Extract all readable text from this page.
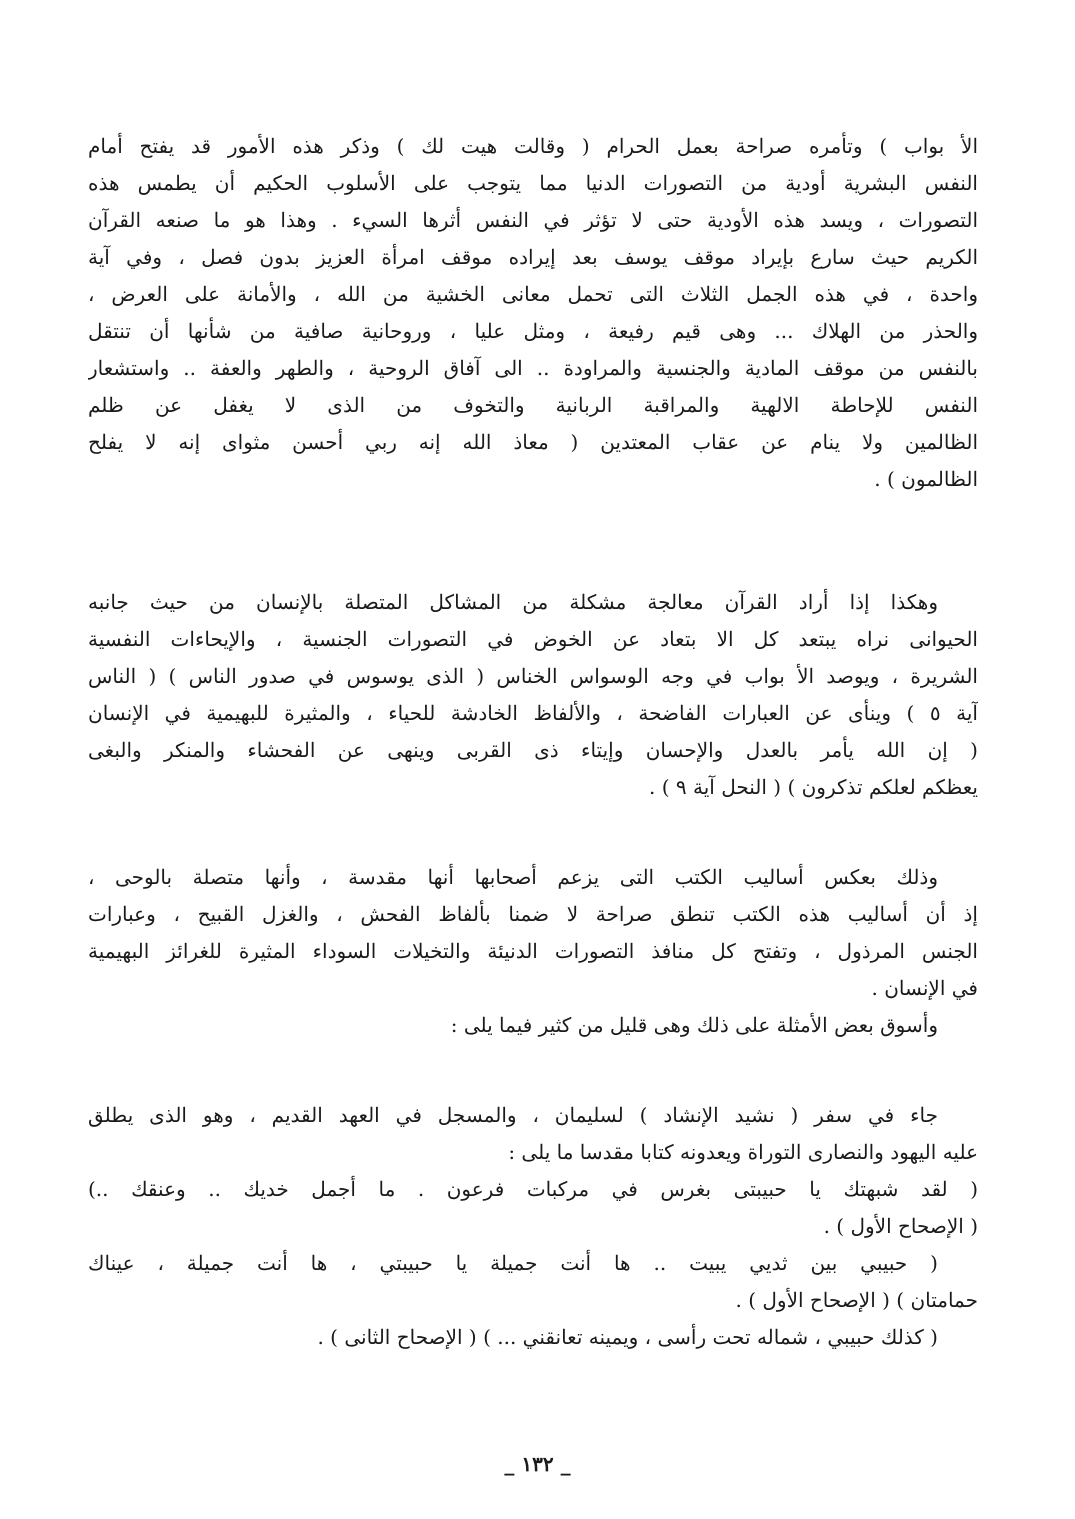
الأ بواب ) وتأمره صراحة بعمل الحرام ( وقالت هيت لك ) وذكر هذه الأمور قد يفتح أمام
النفس البشرية أودية من التصورات الدنيا مما يتوجب على الأسلوب الحكيم أن يطمس هذه
التصورات ، ويسد هذه الأودية حتى لا تؤثر في النفس أثرها السيء . وهذا هو ما صنعه القرآن
الكريم حيث سارع بإيراد موقف يوسف بعد إيراده موقف امرأة العزيز بدون فصل ، وفي آية
واحدة ، في هذه الجمل الثلاث التى تحمل معانى الخشية من الله ، والأمانة على العرض ،
والحذر من الهلاك ... وهى قيم رفيعة ، ومثل عليا ، وروحانية صافية من شأنها أن تنتقل
بالنفس من موقف المادية والجنسية والمراودة .. الى آفاق الروحية ، والطهر والعفة .. واستشعار
النفس للإحاطة الالهية والمراقبة الربانية والتخوف من الذى لا يغفل عن ظلم
الظالمين ولا ينام عن عقاب المعتدين ( معاذ الله إنه ربي أحسن مثواى إنه لا يفلح
الظالمون ) .
وهكذا إذا أراد القرآن معالجة مشكلة من المشاكل المتصلة بالإنسان من حيث جانبه
الحيوانى نراه يبتعد كل الا بتعاد عن الخوض في التصورات الجنسية ، والإيحاءات النفسية
الشريرة ، ويوصد الأ بواب في وجه الوسواس الخناس ( الذى يوسوس في صدور الناس ) ( الناس
آية ٥ ) وينأى عن العبارات الفاضحة ، والألفاظ الخادشة للحياء ، والمثيرة للبهيمية في الإنسان
( إن الله يأمر بالعدل والإحسان وإيتاء ذى القربى وينهى عن الفحشاء والمنكر والبغى
يعظكم لعلكم تذكرون ) ( النحل آية ٩ ) .
وذلك بعكس أساليب الكتب التى يزعم أصحابها أنها مقدسة ، وأنها متصلة بالوحى ،
إذ أن أساليب هذه الكتب تنطق صراحة لا ضمنا بألفاظ الفحش ، والغزل القبيح ، وعبارات
الجنس المرذول ، وتفتح كل منافذ التصورات الدنيئة والتخيلات السوداء المثيرة للغرائز البهيمية
في الإنسان .
وأسوق بعض الأمثلة على ذلك وهى قليل من كثير فيما يلى :
جاء في سفر ( نشيد الإنشاد ) لسليمان ، والمسجل في العهد القديم ، وهو الذى يطلق
عليه اليهود والنصارى التوراة ويعدونه كتابا مقدسا ما يلى :
( لقد شبهتك يا حبيبتى بغرس في مركبات فرعون . ما أجمل خديك .. وعنقك ..)
( الإصحاح الأول ) .
( حبيبي بين ثديي يبيت .. ها أنت جميلة يا حبيبتي ، ها أنت جميلة ، عيناك
حمامتان ) ( الإصحاح الأول ) .
( كذلك حبيبي ، شماله تحت رأسى ، ويمينه تعانقني ... ) ( الإصحاح الثانى ) .
_ ١٣٢ _
